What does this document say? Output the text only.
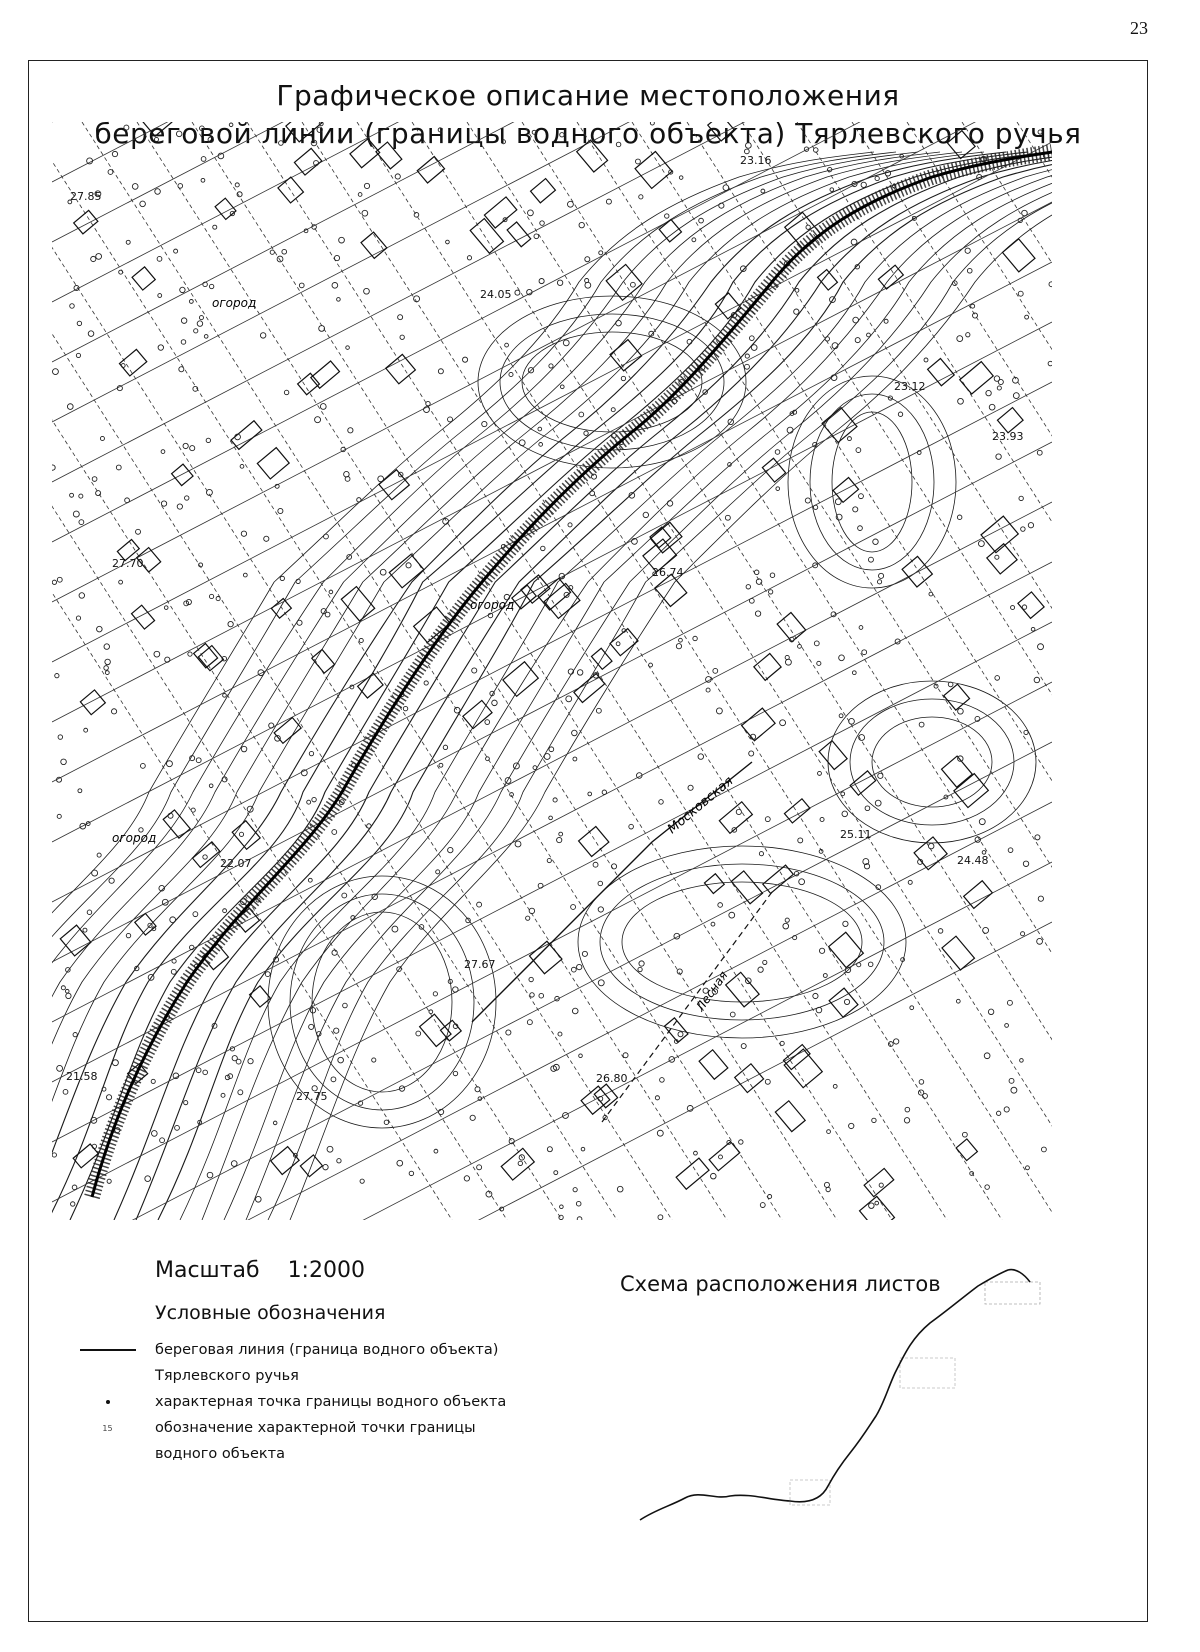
23
Графическое описание местоположения
береговой линии (границы водного объекта) Тярлевского ручья
Московская
Лесная
огород
огород
огород
27.85
27.70
22.07
21.58
23.12
23.93
26.74
27.67
27.75
26.80
24.48
25.11
24.05
23.16
Масштаб 1:2000
Условные обозначения
береговая линия (граница водного объекта)
Тярлевского ручья
характерная точка границы водного объекта
15	обозначение характерной точки границы
водного объекта
Схема расположения листов
